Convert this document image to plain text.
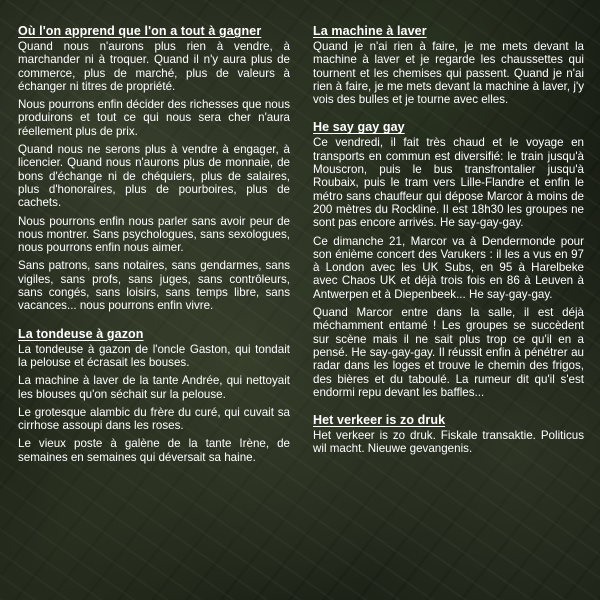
Où l'on apprend que l'on a tout à gagner

Quand nous n'aurons plus rien à vendre, à marchander ni à troquer. Quand il n'y aura plus de commerce, plus de marché, plus de valeurs à échanger ni titres de propriété.

Nous pourrons enfin décider des richesses que nous produirons et tout ce qui nous sera cher n'aura réellement plus de prix.

Quand nous ne serons plus à vendre à engager, à licencier. Quand nous n'aurons plus de monnaie, de bons d'échange ni de chéquiers, plus de salaires, plus d'honoraires, plus de pourboires, plus de cachets.

Nous pourrons enfin nous parler sans avoir peur de nous montrer. Sans psychologues, sans sexologues, nous pourrons enfin nous aimer.

Sans patrons, sans notaires, sans gendarmes, sans vigiles, sans profs, sans juges, sans contrôleurs, sans congés, sans loisirs, sans temps libre, sans vacances... nous pourrons enfin vivre.

La tondeuse à gazon

La tondeuse à gazon de l'oncle Gaston, qui tondait la pelouse et écrasait les bouses.

La machine à laver de la tante Andrée, qui nettoyait les blouses qu'on séchait sur la pelouse.

Le grotesque alambic du frère du curé, qui cuvait sa cirrhose assoupi dans les roses.

Le vieux poste à galène de la tante Irène, de semaines en semaines qui déversait sa haine.

La machine à laver

Quand je n'ai rien à faire, je me mets devant la machine à laver et je regarde les chaussettes qui tournent et les chemises qui passent. Quand je n'ai rien à faire, je me mets devant la machine à laver, j'y vois des bulles et je tourne avec elles.

He say gay gay

Ce vendredi, il fait très chaud et le voyage en transports en commun est diversifié: le train jusqu'à Mouscron, puis le bus transfrontalier jusqu'à Roubaix, puis le tram vers Lille-Flandre et enfin le métro sans chauffeur qui dépose Marcor à moins de 200 mètres du Rockline. Il est 18h30 les groupes ne sont pas encore arrivés. He say-gay-gay.

Ce dimanche 21, Marcor va à Dendermonde pour son énième concert des Varukers : il les a vus en 97 à London avec les UK Subs, en 95 à Harelbeke avec Chaos UK et déjà trois fois en 86 à Leuven à Antwerpen et à Diepenbeek... He say-gay-gay.

Quand Marcor entre dans la salle, il est déjà méchamment entamé ! Les groupes se succèdent sur scène mais il ne sait plus trop ce qu'il en a pensé. He say-gay-gay. Il réussit enfin à pénétrer au radar dans les loges et trouve le chemin des frigos, des bières et du taboulé. La rumeur dit qu'il s'est endormi repu devant les baffles...

Het verkeer is zo druk

Het verkeer is zo druk. Fiskale transaktie. Politicus wil macht. Nieuwe gevangenis.
